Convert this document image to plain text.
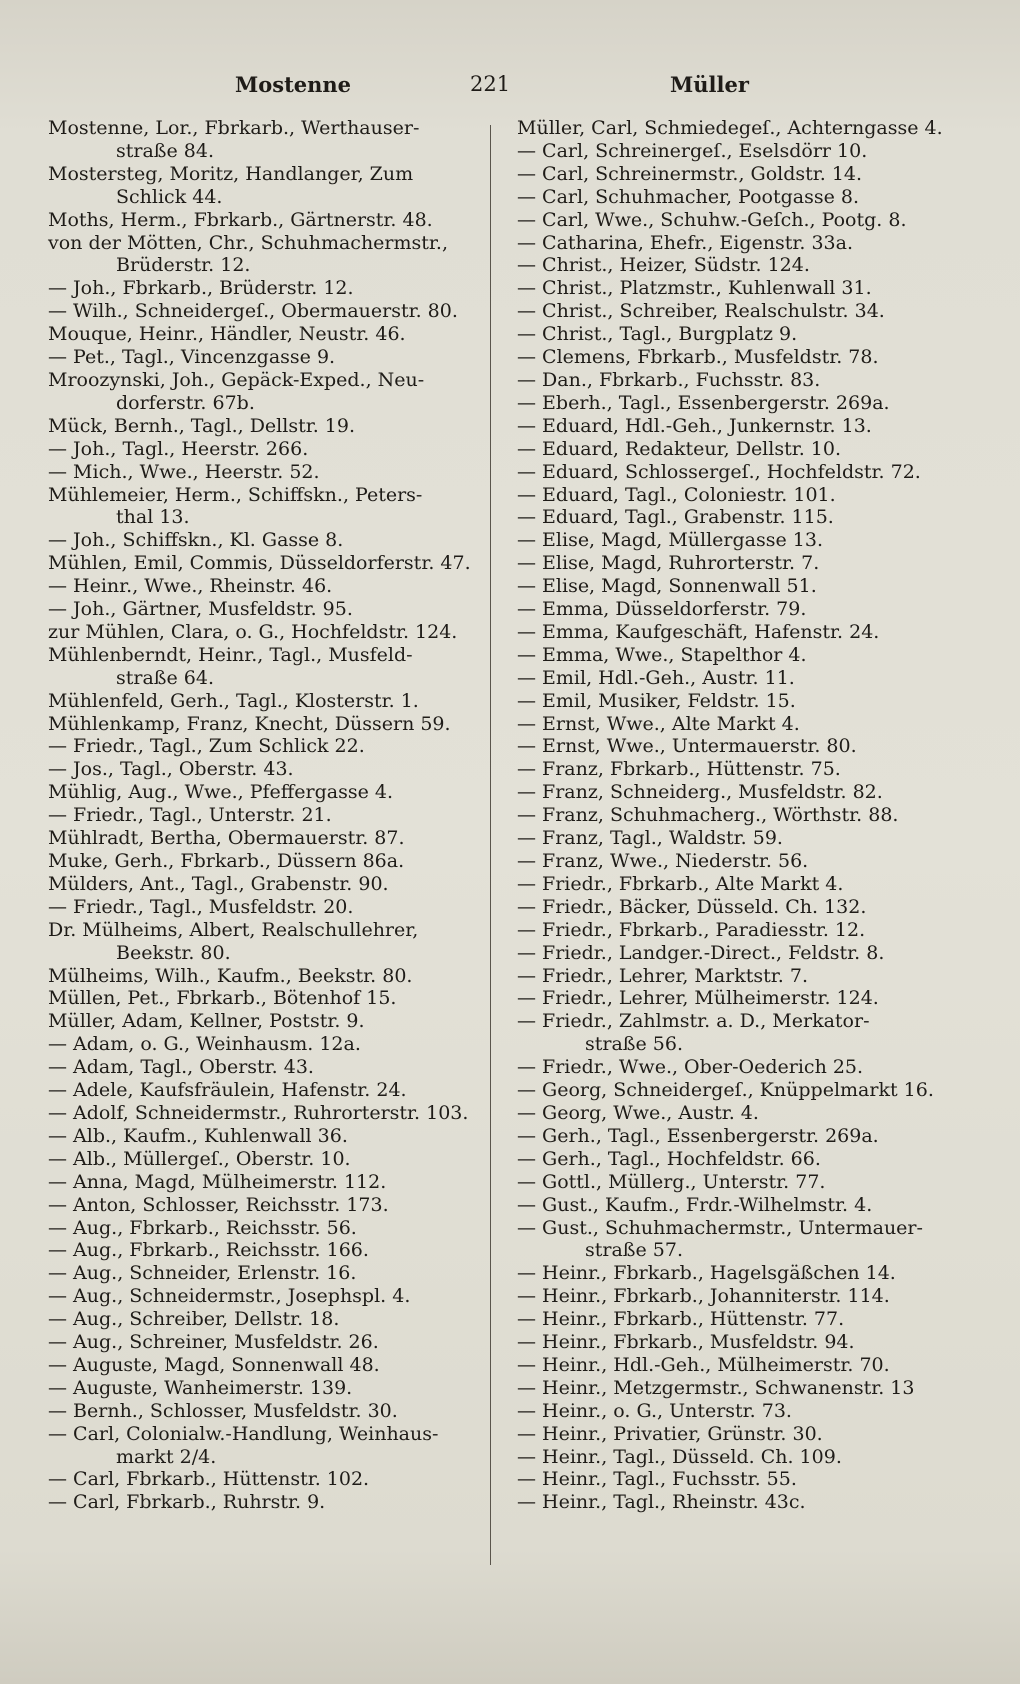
Mostenne	221	Müller
Mostenne, Lor., Fbrkarb., Werthauser-
straße 84.
Mostersteg, Moritz, Handlanger, Zum
Schlick 44.
Moths, Herm., Fbrkarb., Gärtnerstr. 48.
von der Mötten, Chr., Schuhmachermstr.,
Brüderstr. 12.
— Joh., Fbrkarb., Brüderstr. 12.
— Wilh., Schneidergeſ., Obermauerstr. 80.
Mouque, Heinr., Händler, Neustr. 46.
— Pet., Tagl., Vincenzgasse 9.
Mroozynski, Joh., Gepäck-Exped., Neu-
dorferstr. 67b.
Mück, Bernh., Tagl., Dellstr. 19.
— Joh., Tagl., Heerstr. 266.
— Mich., Wwe., Heerstr. 52.
Mühlemeier, Herm., Schiffskn., Peters-
thal 13.
— Joh., Schiffskn., Kl. Gasse 8.
Mühlen, Emil, Commis, Düsseldorferstr. 47.
— Heinr., Wwe., Rheinstr. 46.
— Joh., Gärtner, Musfeldstr. 95.
zur Mühlen, Clara, o. G., Hochfeldstr. 124.
Mühlenberndt, Heinr., Tagl., Musfeld-
straße 64.
Mühlenfeld, Gerh., Tagl., Klosterstr. 1.
Mühlenkamp, Franz, Knecht, Düssern 59.
— Friedr., Tagl., Zum Schlick 22.
— Jos., Tagl., Oberstr. 43.
Mühlig, Aug., Wwe., Pfeffergasse 4.
— Friedr., Tagl., Unterstr. 21.
Mühlradt, Bertha, Obermauerstr. 87.
Muke, Gerh., Fbrkarb., Düssern 86a.
Mülders, Ant., Tagl., Grabenstr. 90.
— Friedr., Tagl., Musfeldstr. 20.
Dr. Mülheims, Albert, Realschullehrer,
Beekstr. 80.
Mülheims, Wilh., Kaufm., Beekstr. 80.
Müllen, Pet., Fbrkarb., Bötenhof 15.
Müller, Adam, Kellner, Poststr. 9.
— Adam, o. G., Weinhausm. 12a.
— Adam, Tagl., Oberstr. 43.
— Adele, Kaufsfräulein, Hafenstr. 24.
— Adolf, Schneidermstr., Ruhrorterstr. 103.
— Alb., Kaufm., Kuhlenwall 36.
— Alb., Müllergeſ., Oberstr. 10.
— Anna, Magd, Mülheimerstr. 112.
— Anton, Schlosser, Reichsstr. 173.
— Aug., Fbrkarb., Reichsstr. 56.
— Aug., Fbrkarb., Reichsstr. 166.
— Aug., Schneider, Erlenstr. 16.
— Aug., Schneidermstr., Josephspl. 4.
— Aug., Schreiber, Dellstr. 18.
— Aug., Schreiner, Musfeldstr. 26.
— Auguste, Magd, Sonnenwall 48.
— Auguste, Wanheimerstr. 139.
— Bernh., Schlosser, Musfeldstr. 30.
— Carl, Colonialw.-Handlung, Weinhaus-
markt 2/4.
— Carl, Fbrkarb., Hüttenstr. 102.
— Carl, Fbrkarb., Ruhrstr. 9.
Müller, Carl, Schmiedegeſ., Achterngasse 4.
— Carl, Schreinergeſ., Eselsdörr 10.
— Carl, Schreinermstr., Goldstr. 14.
— Carl, Schuhmacher, Pootgasse 8.
— Carl, Wwe., Schuhw.-Geſch., Pootg. 8.
— Catharina, Ehefr., Eigenstr. 33a.
— Christ., Heizer, Südstr. 124.
— Christ., Platzmstr., Kuhlenwall 31.
— Christ., Schreiber, Realschulstr. 34.
— Christ., Tagl., Burgplatz 9.
— Clemens, Fbrkarb., Musfeldstr. 78.
— Dan., Fbrkarb., Fuchsstr. 83.
— Eberh., Tagl., Essenbergerstr. 269a.
— Eduard, Hdl.-Geh., Junkernstr. 13.
— Eduard, Redakteur, Dellstr. 10.
— Eduard, Schlossergeſ., Hochfeldstr. 72.
— Eduard, Tagl., Coloniestr. 101.
— Eduard, Tagl., Grabenstr. 115.
— Elise, Magd, Müllergasse 13.
— Elise, Magd, Ruhrorterstr. 7.
— Elise, Magd, Sonnenwall 51.
— Emma, Düsseldorferstr. 79.
— Emma, Kaufgeschäft, Hafenstr. 24.
— Emma, Wwe., Stapelthor 4.
— Emil, Hdl.-Geh., Austr. 11.
— Emil, Musiker, Feldstr. 15.
— Ernst, Wwe., Alte Markt 4.
— Ernst, Wwe., Untermauerstr. 80.
— Franz, Fbrkarb., Hüttenstr. 75.
— Franz, Schneiderg., Musfeldstr. 82.
— Franz, Schuhmacherg., Wörthstr. 88.
— Franz, Tagl., Waldstr. 59.
— Franz, Wwe., Niederstr. 56.
— Friedr., Fbrkarb., Alte Markt 4.
— Friedr., Bäcker, Düsseld. Ch. 132.
— Friedr., Fbrkarb., Paradiesstr. 12.
— Friedr., Landger.-Direct., Feldstr. 8.
— Friedr., Lehrer, Marktstr. 7.
— Friedr., Lehrer, Mülheimerstr. 124.
— Friedr., Zahlmstr. a. D., Merkator-
straße 56.
— Friedr., Wwe., Ober-Oederich 25.
— Georg, Schneidergeſ., Knüppelmarkt 16.
— Georg, Wwe., Austr. 4.
— Gerh., Tagl., Essenbergerstr. 269a.
— Gerh., Tagl., Hochfeldstr. 66.
— Gottl., Müllerg., Unterstr. 77.
— Gust., Kaufm., Frdr.-Wilhelmstr. 4.
— Gust., Schuhmachermstr., Untermauer-
straße 57.
— Heinr., Fbrkarb., Hagelsgäßchen 14.
— Heinr., Fbrkarb., Johanniterstr. 114.
— Heinr., Fbrkarb., Hüttenstr. 77.
— Heinr., Fbrkarb., Musfeldstr. 94.
— Heinr., Hdl.-Geh., Mülheimerstr. 70.
— Heinr., Metzgermstr., Schwanenstr. 13
— Heinr., o. G., Unterstr. 73.
— Heinr., Privatier, Grünstr. 30.
— Heinr., Tagl., Düsseld. Ch. 109.
— Heinr., Tagl., Fuchsstr. 55.
— Heinr., Tagl., Rheinstr. 43c.
